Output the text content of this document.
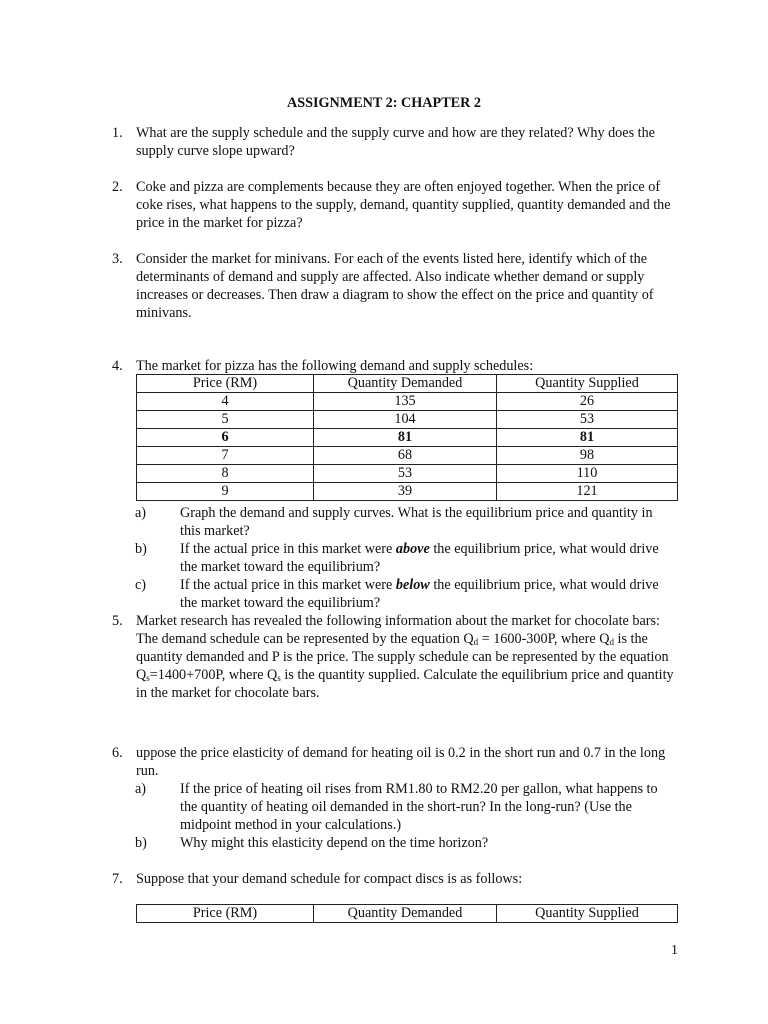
ASSIGNMENT 2: CHAPTER 2
1. What are the supply schedule and the supply curve and how are they related? Why does the supply curve slope upward?
2. Coke and pizza are complements because they are often enjoyed together. When the price of coke rises, what happens to the supply, demand, quantity supplied, quantity demanded and the price in the market for pizza?
3. Consider the market for minivans. For each of the events listed here, identify which of the determinants of demand and supply are affected. Also indicate whether demand or supply increases or decreases. Then draw a diagram to show the effect on the price and quantity of minivans.
4. The market for pizza has the following demand and supply schedules:
Price (RM)	Quantity Demanded	Quantity Supplied
4	135	26
5	104	53
6	81	81
7	68	98
8	53	110
9	39	121
a) Graph the demand and supply curves. What is the equilibrium price and quantity in this market?
b) If the actual price in this market were above the equilibrium price, what would drive the market toward the equilibrium?
c) If the actual price in this market were below the equilibrium price, what would drive the market toward the equilibrium?
5. Market research has revealed the following information about the market for chocolate bars: The demand schedule can be represented by the equation $Q_d = 1600-300P$, where $Q_d$ is the quantity demanded and P is the price. The supply schedule can be represented by the equation $Q_s=1400+700P$, where $Q_s$ is the quantity supplied. Calculate the equilibrium price and quantity in the market for chocolate bars.
6. uppose the price elasticity of demand for heating oil is 0.2 in the short run and 0.7 in the long run.
a) If the price of heating oil rises from RM1.80 to RM2.20 per gallon, what happens to the quantity of heating oil demanded in the short-run? In the long-run? (Use the midpoint method in your calculations.)
b) Why might this elasticity depend on the time horizon?
7. Suppose that your demand schedule for compact discs is as follows:
Price (RM)	Quantity Demanded	Quantity Supplied
1
